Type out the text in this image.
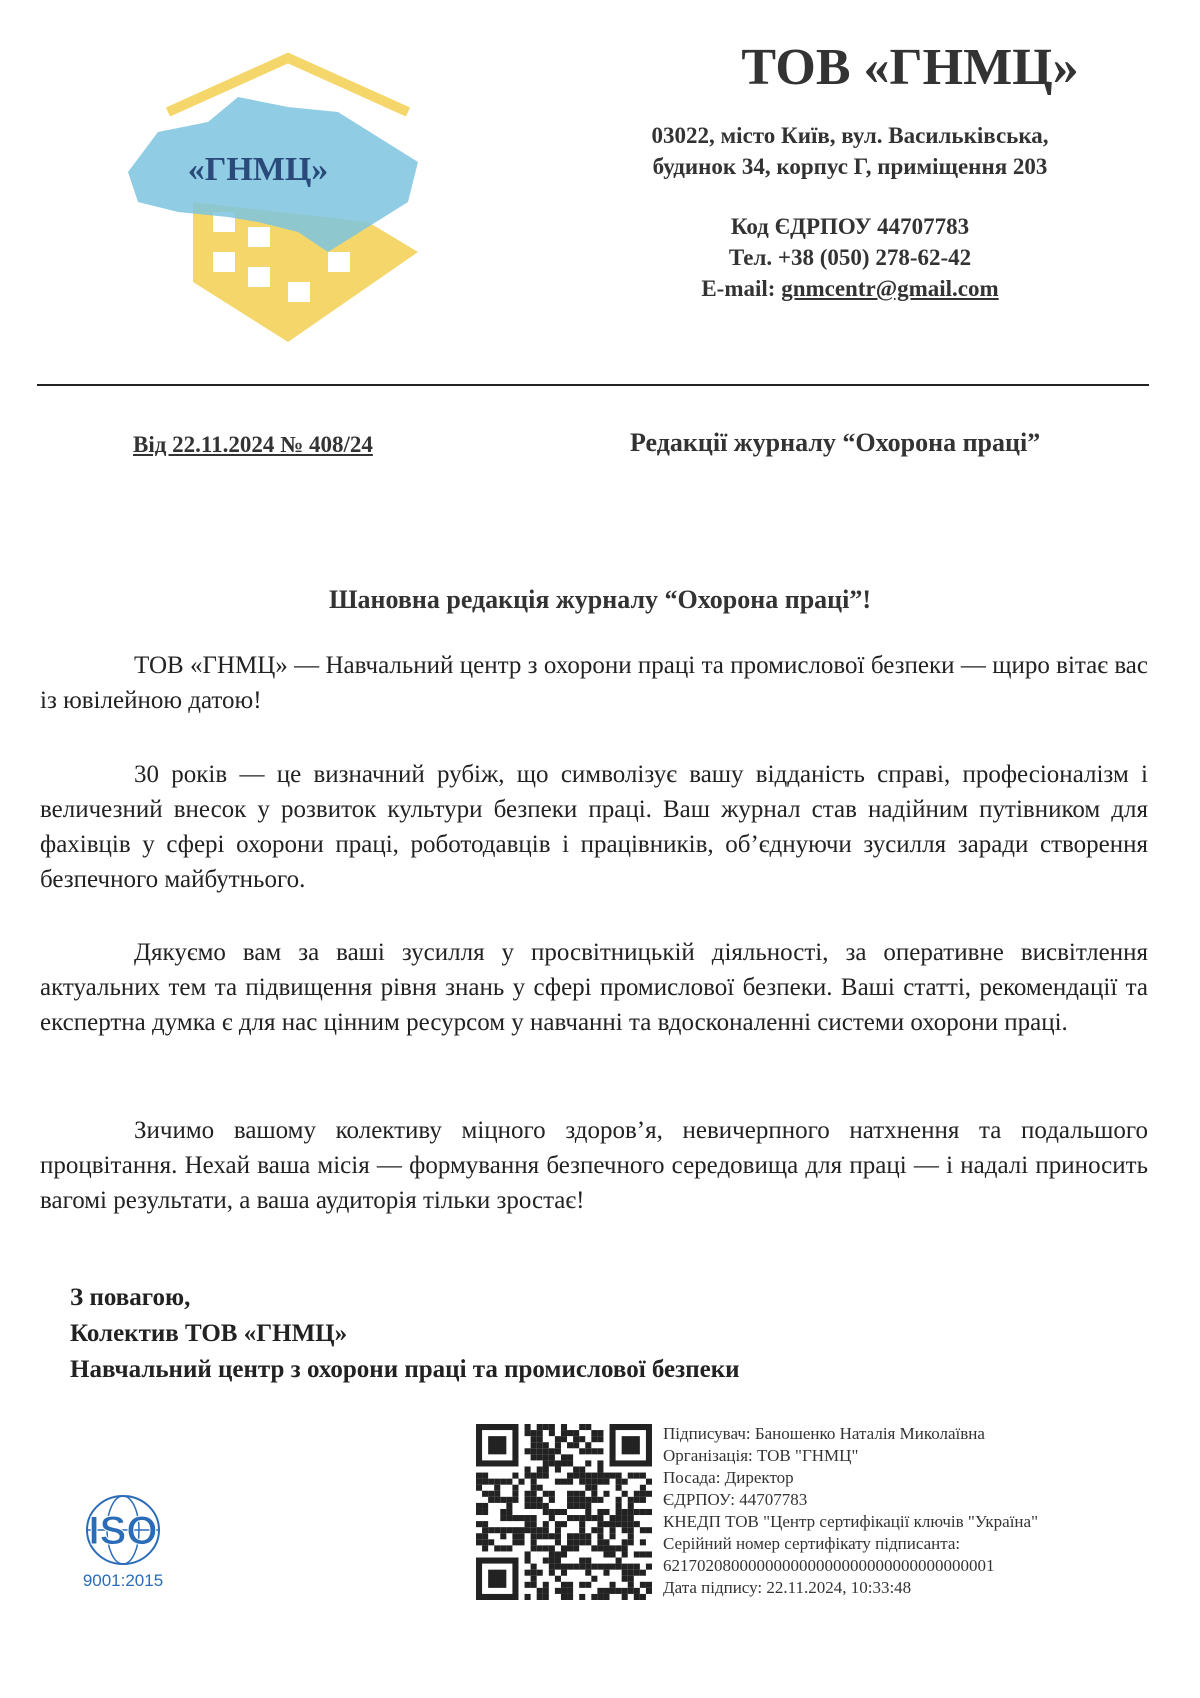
«ГНМЦ»
ТОВ «ГНМЦ»
03022, місто Київ, вул. Васильківська,
будинок 34, корпус Г, приміщення 203
Код ЄДРПОУ 44707783
Тел. +38 (050) 278-62-42
E-mail: gnmcentr@gmail.com
Від 22.11.2024 № 408/24	Редакції журналу “Охорона праці”
Шановна редакція журналу “Охорона праці”!
ТОВ «ГНМЦ» — Навчальний центр з охорони праці та промислової безпеки — щиро вітає вас із ювілейною датою!
30 років — це визначний рубіж, що символізує вашу відданість справі, професіоналізм і величезний внесок у розвиток культури безпеки праці. Ваш журнал став надійним путівником для фахівців у сфері охорони праці, роботодавців і працівників, об’єднуючи зусилля заради створення безпечного майбутнього.
Дякуємо вам за ваші зусилля у просвітницькій діяльності, за оперативне висвітлення актуальних тем та підвищення рівня знань у сфері промислової безпеки. Ваші статті, рекомендації та експертна думка є для нас цінним ресурсом у навчанні та вдосконаленні системи охорони праці.
Зичимо вашому колективу міцного здоров’я, невичерпного натхнення та подальшого процвітання. Нехай ваша місія — формування безпечного середовища для праці — і надалі приносить вагомі результати, а ваша аудиторія тільки зростає!
З повагою,
Колектив ТОВ «ГНМЦ»
Навчальний центр з охорони праці та промислової безпеки
Підписувач: Баношенко Наталія Миколаївна
Організація: ТОВ "ГНМЦ"
Посада: Директор
ЄДРПОУ: 44707783
КНЕДП ТОВ "Центр сертифікації ключів "Україна"
Серійний номер сертифікату підписанта:
621702080000000000000000000000000000001
Дата підпису: 22.11.2024, 10:33:48
ISO
9001:2015
